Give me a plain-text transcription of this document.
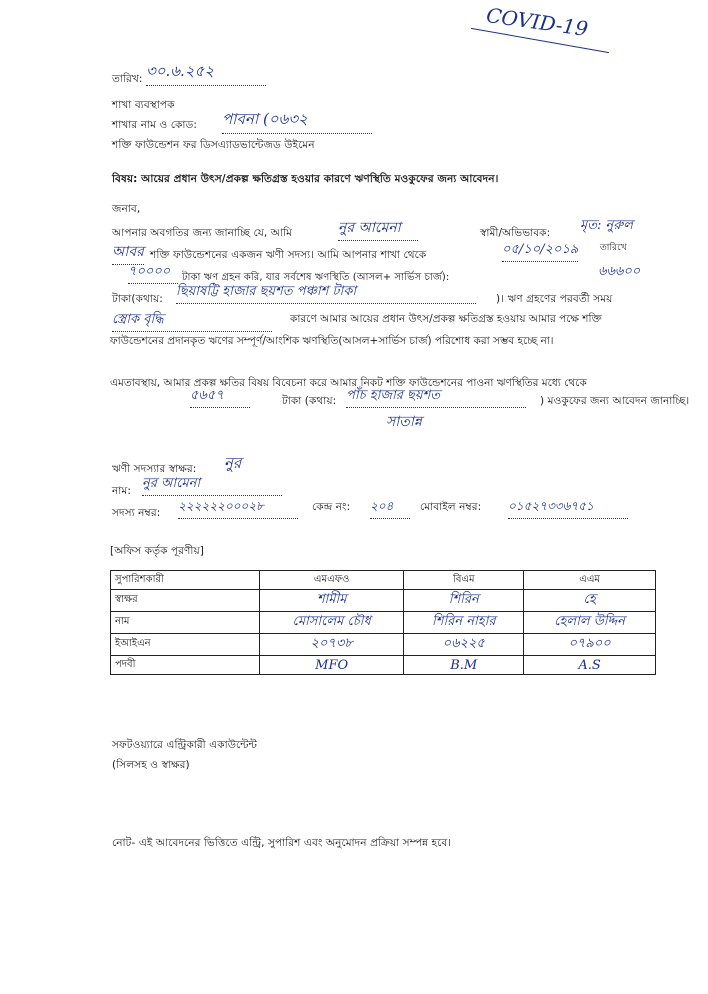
COVID-19
তারিখ: ৩০.৬.২৫২
শাখা ব্যবস্থাপক
শাখার নাম ও কোড: পাবনা (০৬৩২
শক্তি ফাউন্ডেশন ফর ডিসএ্যাডভান্টেজড উইমেন
বিষয়: আয়ের প্রধান উৎস/প্রকল্প ক্ষতিগ্রস্ত হওয়ার কারণে ঋণস্থিতি মওকুফের জন্য আবেদন।
জনাব,
আপনার অবগতির জন্য জানাচ্ছি যে, আমি	নুর আমেনা	স্বামী/অভিভাবক: মৃত: নুরুল
আবর শক্তি ফাউন্ডেশনের একজন ঋণী সদস্য। আমি আপনার শাখা থেকে	০৫/১০/২০১৯ তারিখে
৭০০০০	টাকা ঋণ গ্রহন করি, যার সর্বশেষ ঋণস্থিতি (আসল+ সার্ভিস চার্জ):	৬৬৬০০
টাকা(কথায়: ছিয়াষট্টি হাজার ছয়শত পঞ্চাশ টাকা	)। ঋণ গ্রহণের পরবর্তী সময়
স্ত্রোক বৃদ্ধি	কারণে আমার আয়ের প্রধান উৎস/প্রকল্প ক্ষতিগ্রস্ত হওয়ায় আমার পক্ষে শক্তি ফাউন্ডেশনের প্রদানকৃত ঋণের সম্পূর্ণ/আংশিক ঋণস্থিতি(আসল+সার্ভিস চার্জ) পরিশোধ করা সম্ভব হচ্ছে না।
এমতাবস্থায়, আমার প্রকল্প ক্ষতির বিষয় বিবেচনা করে আমার নিকট শক্তি ফাউন্ডেশনের পাওনা ঋণস্থিতির মধ্যে থেকে
৫৬৫৭	টাকা (কথায়: পাঁচ হাজার ছয়শত	) মওকুফের জন্য আবেদন জানাচ্ছি।
সাতান্ন
ঋণী সদস্যার স্বাক্ষর: নুর
নাম: নুর আমেনা
সদস্য নম্বর: ২২২২২২০০০২৮	কেন্দ্র নং: ২০৪	মোবাইল নম্বর: ০১৫২৭৩৩৬৭৫১
[অফিস কর্তৃক পূরণীয়]
সুপারিশকারী	এমএফও	বিএম	এএম
স্বাক্ষর	শামীম	শিরিন	হে
নাম	মোসালেম চৌধ	শিরিন নাহার	হেলাল উদ্দিন
ইআইএন	২০৭৩৮	০৬২২৫	০৭৯০০
পদবী	MFO	B.M	A.S
সফটওয়্যারে এন্ট্রিকারী একাউন্টেন্ট
(সিলসহ ও স্বাক্ষর)
নোট- এই আবেদনের ভিত্তিতে এন্ট্রি, সুপারিশ এবং অনুমোদন প্রক্রিয়া সম্পন্ন হবে।
